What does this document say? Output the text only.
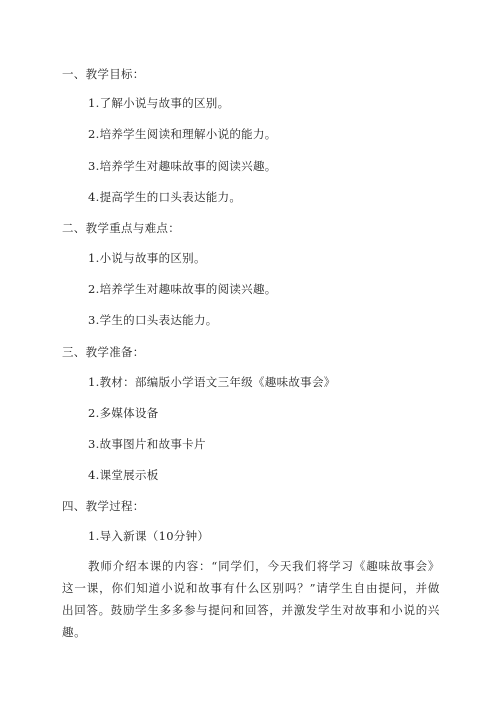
一、教学目标：
1.了解小说与故事的区别。
2.培养学生阅读和理解小说的能力。
3.培养学生对趣味故事的阅读兴趣。
4.提高学生的口头表达能力。
二、教学重点与难点：
1.小说与故事的区别。
2.培养学生对趣味故事的阅读兴趣。
3.学生的口头表达能力。
三、教学准备：
1.教材：部编版小学语文三年级《趣味故事会》
2.多媒体设备
3.故事图片和故事卡片
4.课堂展示板
四、教学过程：
1.导入新课（10分钟）
教师介绍本课的内容：“同学们，今天我们将学习《趣味故事会》这一课，你们知道小说和故事有什么区别吗？”请学生自由提问，并做出回答。鼓励学生多多参与提问和回答，并激发学生对故事和小说的兴趣。
